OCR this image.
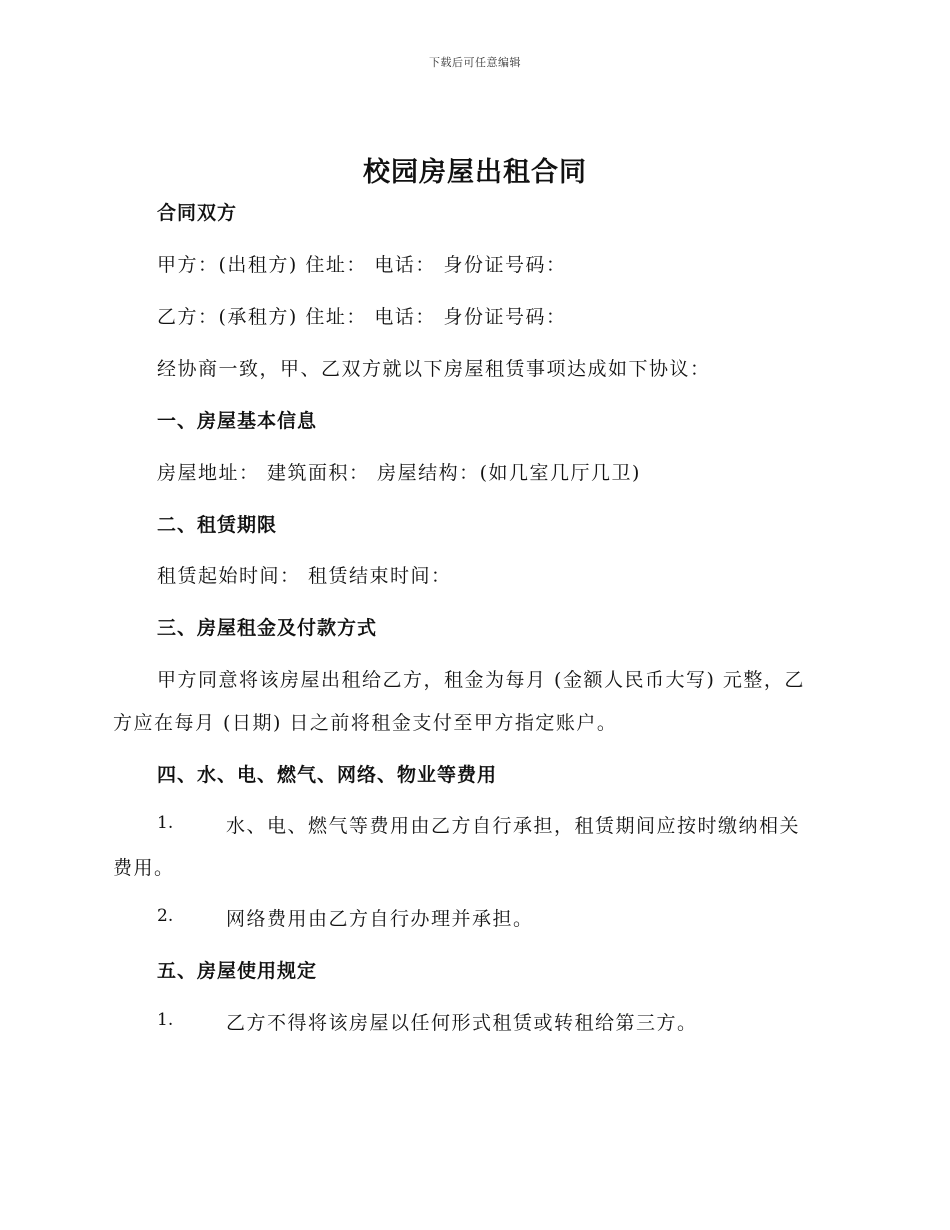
下载后可任意编辑
校园房屋出租合同
合同双方
甲方：(出租方) 住址： 电话： 身份证号码：
乙方：(承租方) 住址： 电话： 身份证号码：
经协商一致，甲、乙双方就以下房屋租赁事项达成如下协议：
一、房屋基本信息
房屋地址： 建筑面积： 房屋结构：(如几室几厅几卫)
二、租赁期限
租赁起始时间： 租赁结束时间：
三、房屋租金及付款方式
甲方同意将该房屋出租给乙方，租金为每月 (金额人民币大写) 元整，乙
方应在每月 (日期) 日之前将租金支付至甲方指定账户。
四、水、电、燃气、网络、物业等费用
1.	水、电、燃气等费用由乙方自行承担，租赁期间应按时缴纳相关
费用。
2.	网络费用由乙方自行办理并承担。
五、房屋使用规定
1.	乙方不得将该房屋以任何形式租赁或转租给第三方。
